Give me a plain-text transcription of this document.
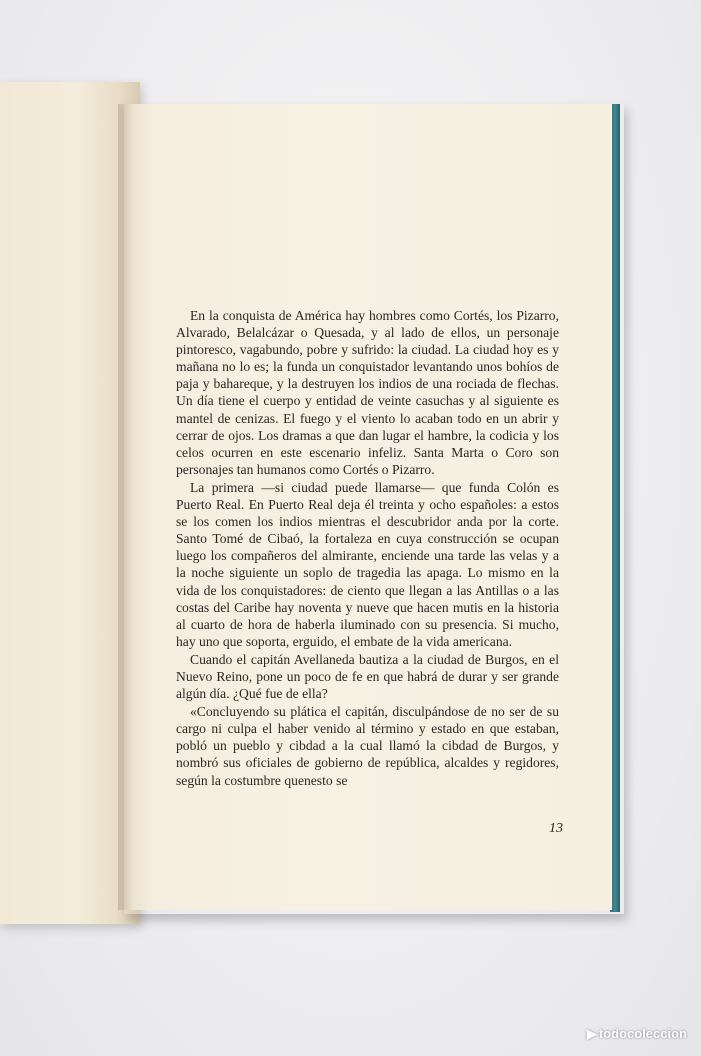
En la conquista de América hay hombres como Cortés, los Pizarro, Alvarado, Belalcázar o Quesada, y al lado de ellos, un personaje pintoresco, vagabundo, pobre y sufrido: la ciudad. La ciudad hoy es y mañana no lo es; la funda un conquistador levantando unos bohíos de paja y bahareque, y la destruyen los indios de una rociada de flechas. Un día tiene el cuerpo y entidad de veinte casuchas y al siguiente es mantel de cenizas. El fuego y el viento lo acaban todo en un abrir y cerrar de ojos. Los dramas a que dan lugar el hambre, la codicia y los celos ocurren en este escenario infeliz. Santa Marta o Coro son personajes tan humanos como Cortés o Pizarro.

La primera —si ciudad puede llamarse— que funda Colón es Puerto Real. En Puerto Real deja él treinta y ocho españoles: a estos se los comen los indios mientras el descubridor anda por la corte. Santo Tomé de Cibaó, la fortaleza en cuya construcción se ocupan luego los compañeros del almirante, enciende una tarde las velas y a la noche siguiente un soplo de tragedia las apaga. Lo mismo en la vida de los conquistadores: de ciento que llegan a las Antillas o a las costas del Caribe hay noventa y nueve que hacen mutis en la historia al cuarto de hora de haberla iluminado con su presencia. Si mucho, hay uno que soporta, erguido, el embate de la vida americana.

Cuando el capitán Avellaneda bautiza a la ciudad de Burgos, en el Nuevo Reino, pone un poco de fe en que habrá de durar y ser grande algún día. ¿Qué fue de ella?

«Concluyendo su plática el capitán, disculpándose de no ser de su cargo ni culpa el haber venido al término y estado en que estaban, pobló un pueblo y cibdad a la cual llamó la cibdad de Burgos, y nombró sus oficiales de gobierno de república, alcaldes y regidores, según la costumbre quenesto se

13
▶ todocoleccion
